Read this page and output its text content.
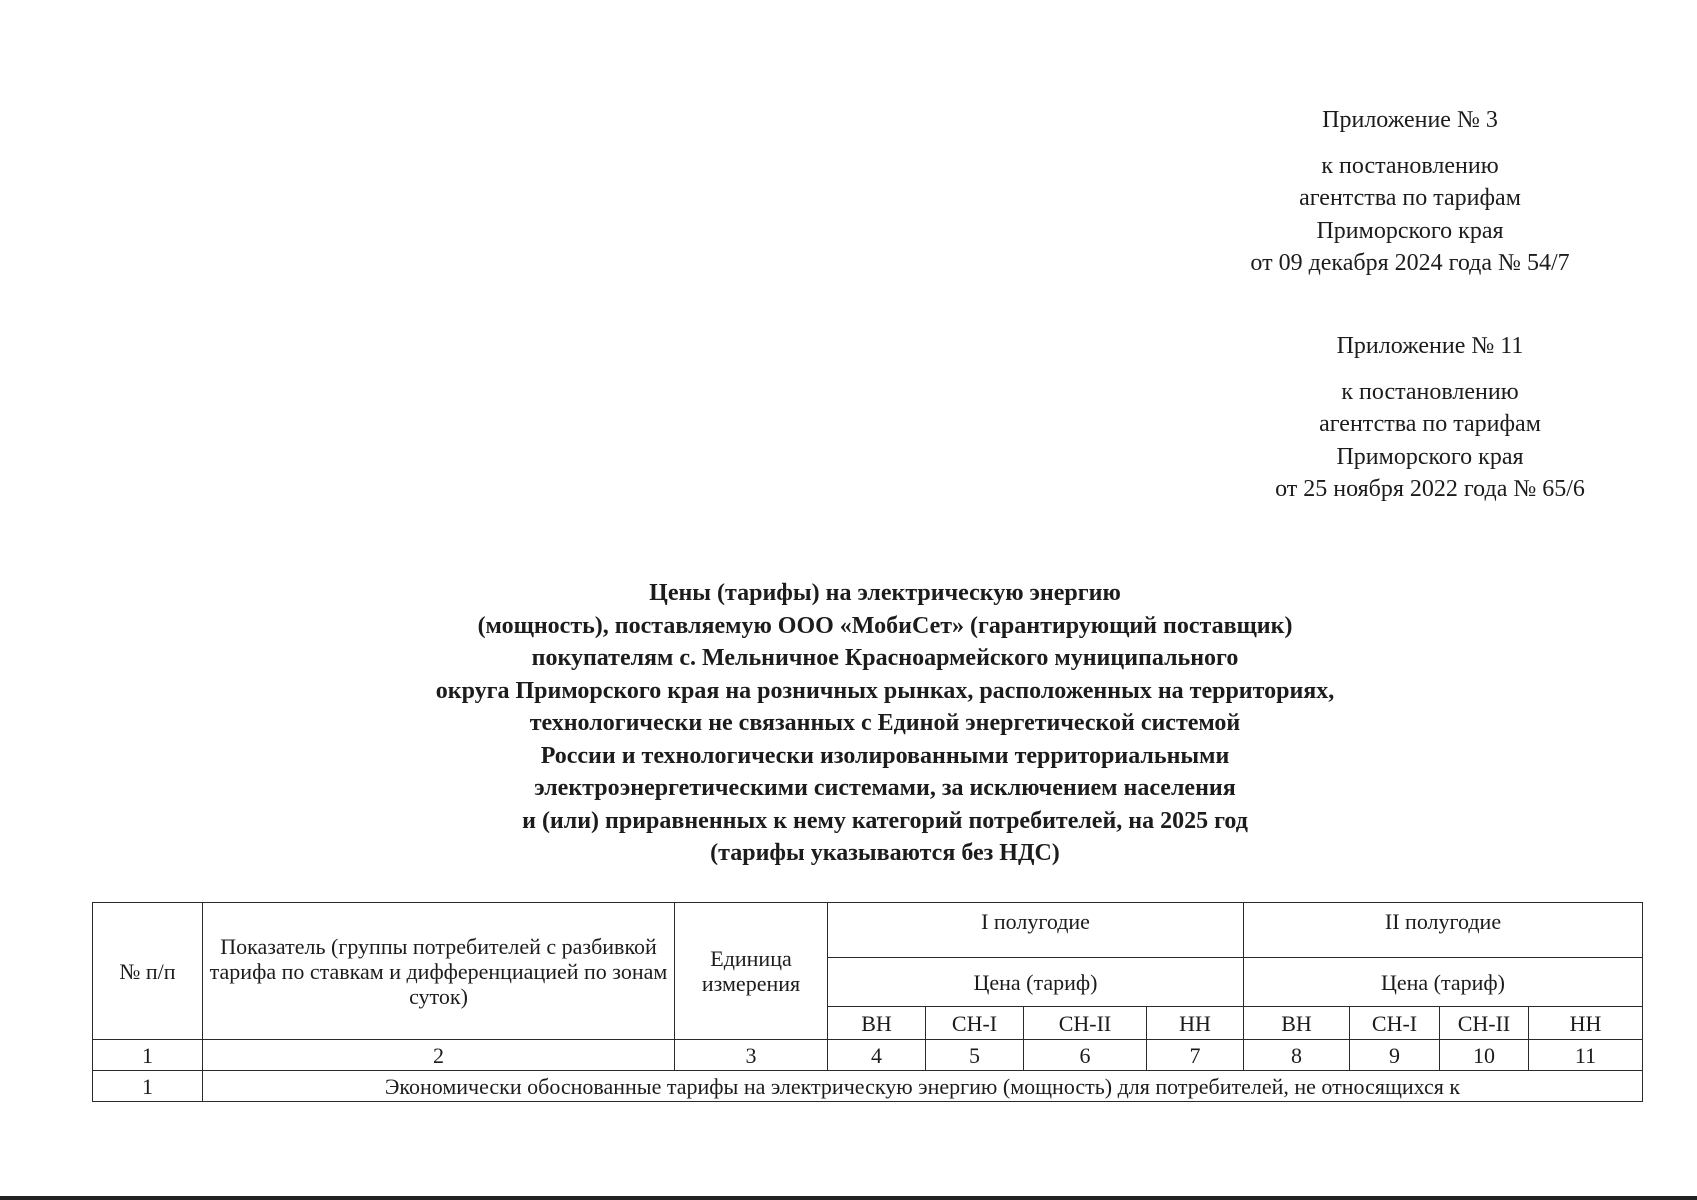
Приложение № 3
к постановлению
агентства по тарифам
Приморского края
от 09 декабря 2024 года № 54/7
Приложение № 11
к постановлению
агентства по тарифам
Приморского края
от 25 ноября 2022 года № 65/6
Цены (тарифы) на электрическую энергию
(мощность), поставляемую ООО «МобиСет» (гарантирующий поставщик)
покупателям с. Мельничное Красноармейского муниципального
округа Приморского края на розничных рынках, расположенных на территориях,
технологически не связанных с Единой энергетической системой
России и технологически изолированными территориальными
электроэнергетическими системами, за исключением населения
и (или) приравненных к нему категорий потребителей, на 2025 год
(тарифы указываются без НДС)
№ п/п	Показатель (группы потребителей с разбивкой тарифа по ставкам и дифференциацией по зонам суток)	Единица измерения	I полугодие				II полугодие			
			Цена (тариф)				Цена (тариф)			
			ВН	СН-I	СН-II	НН	ВН	СН-I	СН-II	НН
1	2	3	4	5	6	7	8	9	10	11
1	Экономически обоснованные тарифы на электрическую энергию (мощность) для потребителей, не относящихся к									
